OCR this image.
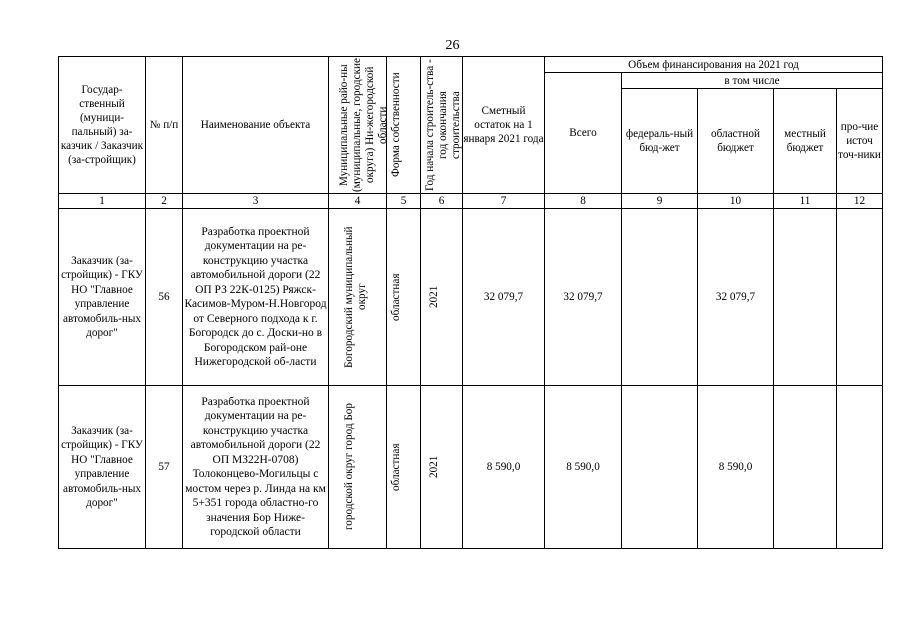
26
Государ-ственный (муници-пальный) за-казчик / Заказчик (за-стройщик)	№ п/п	Наименование объекта	Муниципальные райо-ны (муниципальные, городские округа) Ни-жегородской области	Форма собственности	Год начала строитель-ства - год окончания строительства	Сметный остаток на 1 января 2021 года	Объем финансирования на 2021 год				
							Всего	в том числе			
								федераль-ный бюд-жет	областной бюджет	местный бюджет	про-чие источ точ-ники
1	2	3	4	5	6	7	8	9	10	11	12
Заказчик (за-стройщик) - ГКУ НО "Главное управление автомобиль-ных дорог"	56	Разработка проектной документации на ре-конструкцию участка автомобильной дороги (22 ОП РЗ 22К-0125) Ряжск-Касимов-Муром-Н.Новгород от Северного подхода к г. Богородск до с. Доски-но в Богородском рай-оне Нижегородской об-ласти	Богородский муниципальный округ	областная	2021	32 079,7	32 079,7		32 079,7		
Заказчик (за-стройщик) - ГКУ НО "Главное управление автомобиль-ных дорог"	57	Разработка проектной документации на ре-конструкцию участка автомобильной дороги (22 ОП МЗ22Н-0708) Толоконцево-Могильцы с мостом через р. Линда на км 5+351 города областно-го значения Бор Ниже-городской области	городской округ город Бор	областная	2021	8 590,0	8 590,0		8 590,0		
